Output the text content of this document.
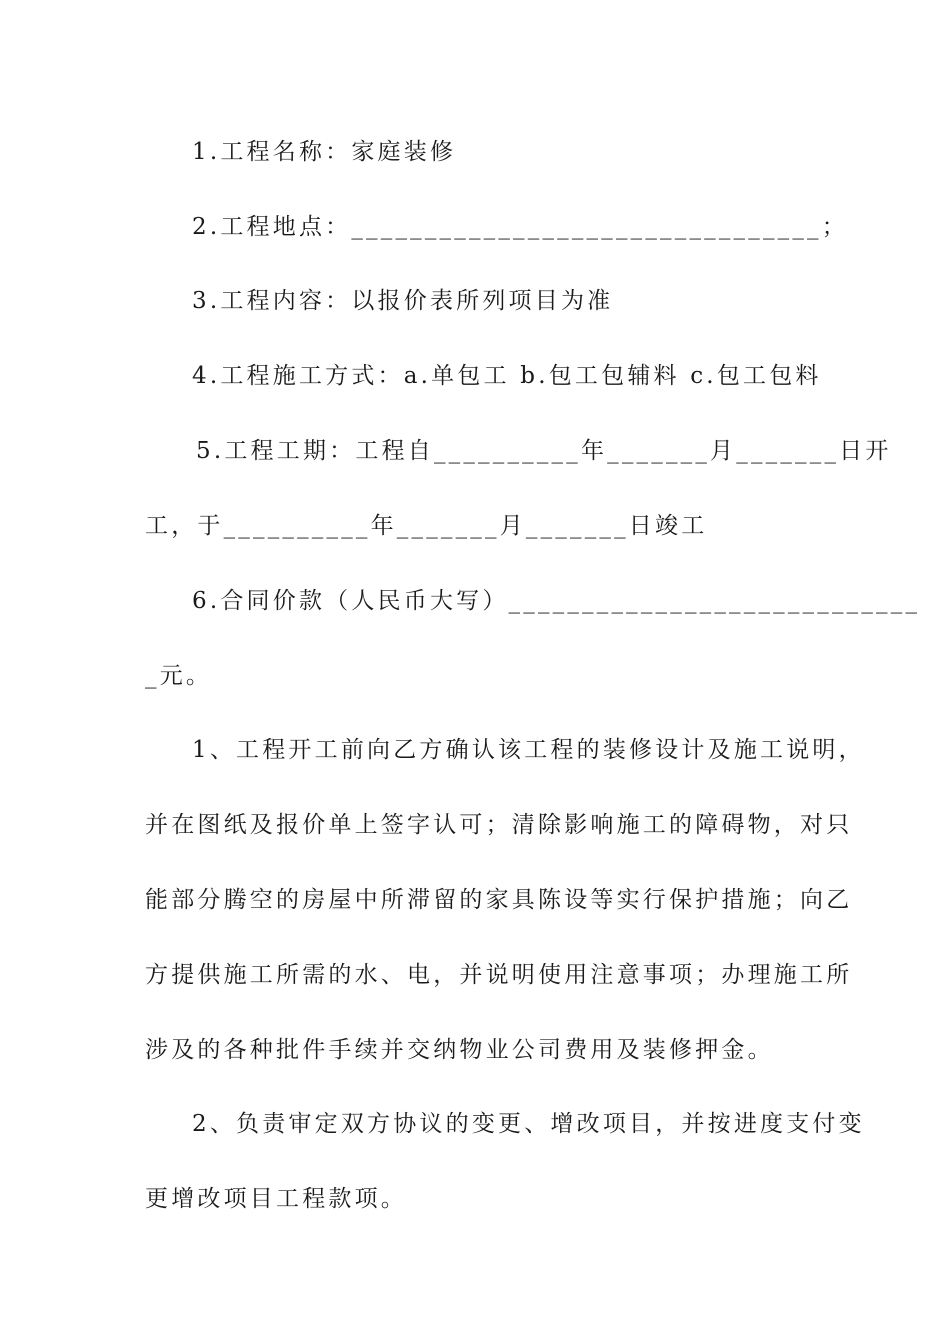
1.工程名称：家庭装修
2.工程地点：________________________________；
3.工程内容：以报价表所列项目为准
4.工程施工方式：a.单包工 b.包工包辅料 c.包工包料
5.工程工期：工程自__________年_______月_______日开
工，于__________年_______月_______日竣工
6.合同价款（人民币大写）____________________________
_元。
1、工程开工前向乙方确认该工程的装修设计及施工说明，
并在图纸及报价单上签字认可；清除影响施工的障碍物，对只
能部分腾空的房屋中所滞留的家具陈设等实行保护措施；向乙
方提供施工所需的水、电，并说明使用注意事项；办理施工所
涉及的各种批件手续并交纳物业公司费用及装修押金。
2、负责审定双方协议的变更、增改项目，并按进度支付变
更增改项目工程款项。
